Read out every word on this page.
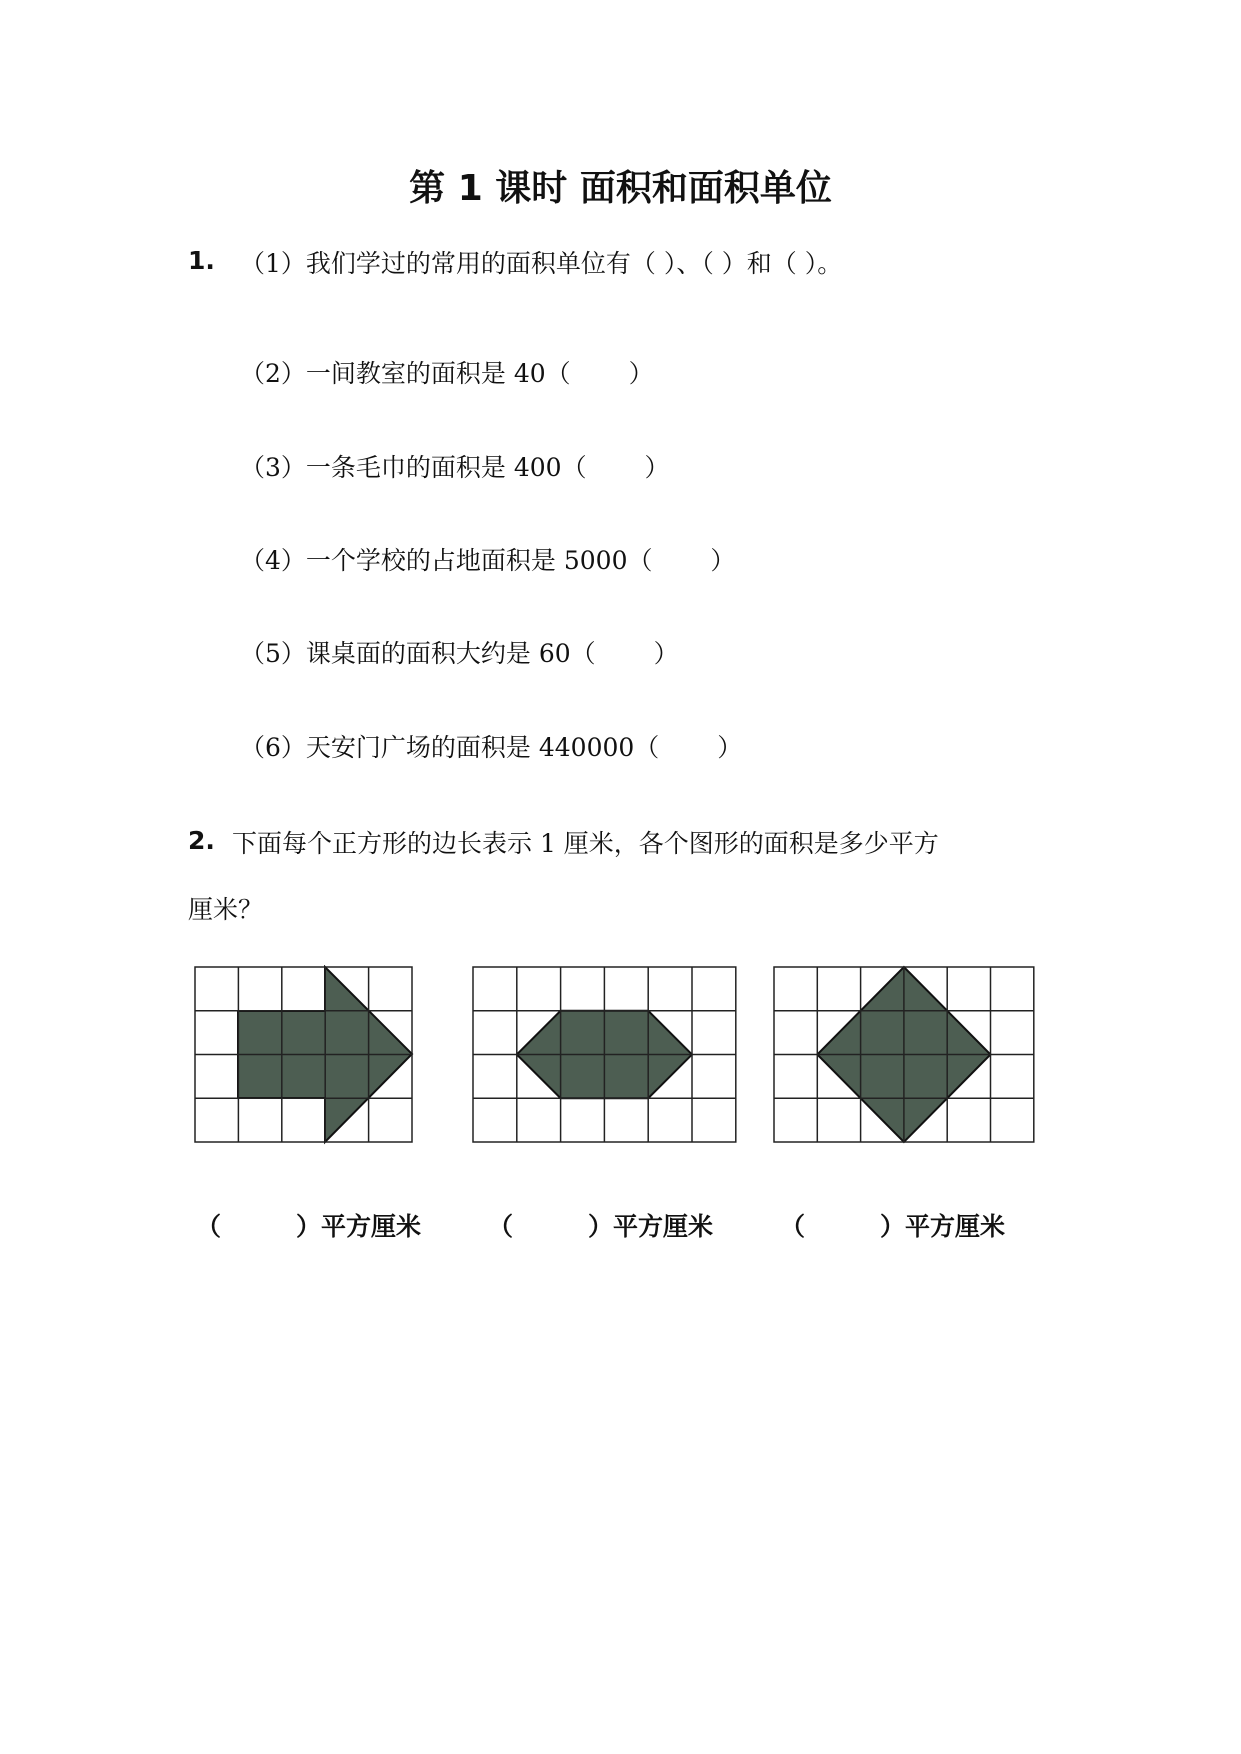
第 1 课时 面积和面积单位
1. （1）我们学过的常用的面积单位有（ ）、（ ）和（ ）。
（2）一间教室的面积是 40（　　 ）
（3）一条毛巾的面积是 400（　　 ）
（4）一个学校的占地面积是 5000（　　 ）
（5）课桌面的面积大约是 60（　　 ）
（6）天安门广场的面积是 440000（　　 ）
2. 下面每个正方形的边长表示 1 厘米，各个图形的面积是多少平方
厘米？
（　　　）平方厘米	（　　　）平方厘米	（　　　）平方厘米
